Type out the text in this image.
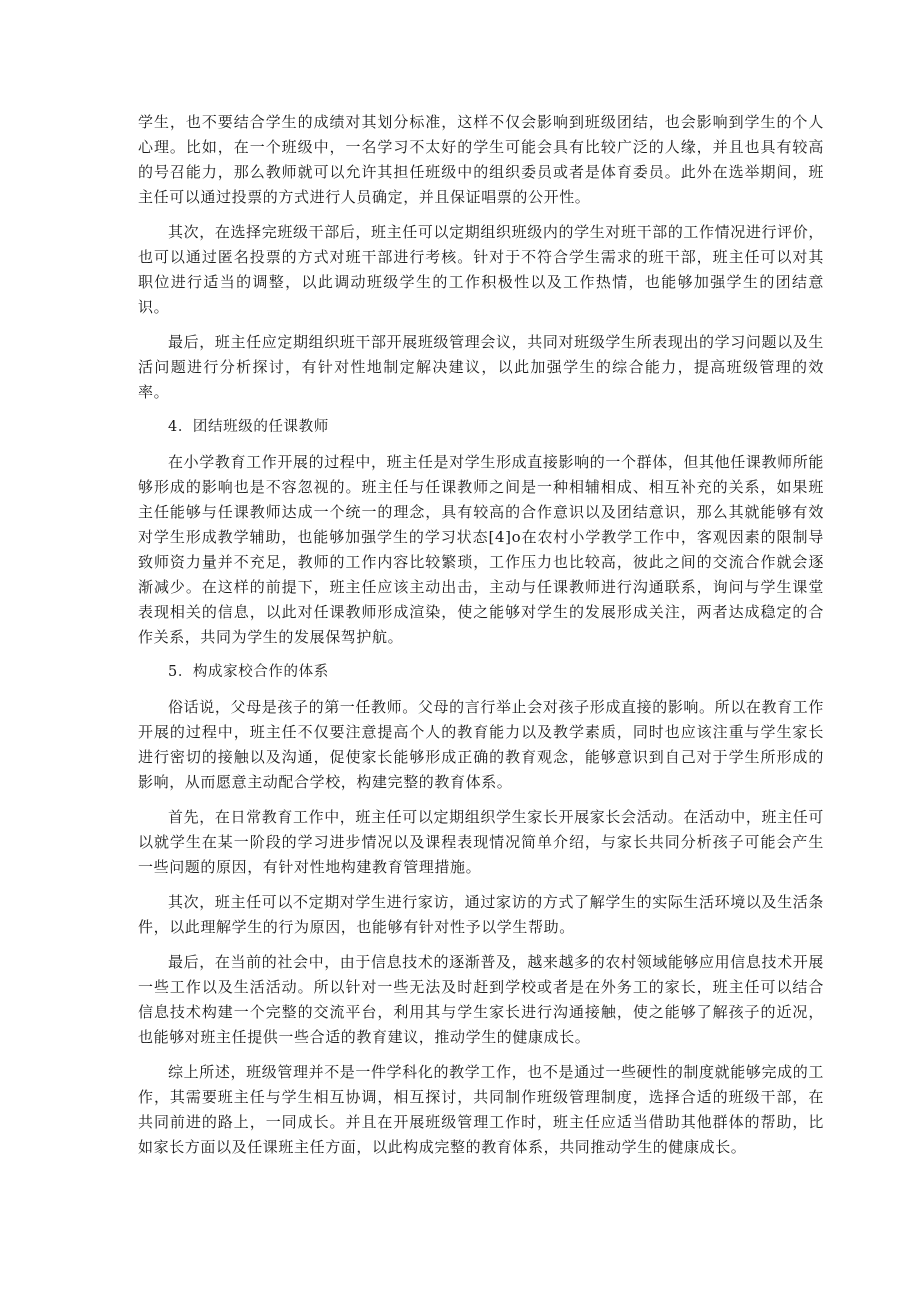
学生，也不要结合学生的成绩对其划分标准，这样不仅会影响到班级团结，也会影响到学生的个人心理。比如，在一个班级中，一名学习不太好的学生可能会具有比较广泛的人缘，并且也具有较高的号召能力，那么教师就可以允许其担任班级中的组织委员或者是体育委员。此外在选举期间，班主任可以通过投票的方式进行人员确定，并且保证唱票的公开性。

其次，在选择完班级干部后，班主任可以定期组织班级内的学生对班干部的工作情况进行评价，也可以通过匿名投票的方式对班干部进行考核。针对于不符合学生需求的班干部，班主任可以对其职位进行适当的调整，以此调动班级学生的工作积极性以及工作热情，也能够加强学生的团结意识。

最后，班主任应定期组织班干部开展班级管理会议，共同对班级学生所表现出的学习问题以及生活问题进行分析探讨，有针对性地制定解决建议，以此加强学生的综合能力，提高班级管理的效率。

4．团结班级的任课教师

在小学教育工作开展的过程中，班主任是对学生形成直接影响的一个群体，但其他任课教师所能够形成的影响也是不容忽视的。班主任与任课教师之间是一种相辅相成、相互补充的关系，如果班主任能够与任课教师达成一个统一的理念，具有较高的合作意识以及团结意识，那么其就能够有效对学生形成教学辅助，也能够加强学生的学习状态[4]o在农村小学教学工作中，客观因素的限制导致师资力量并不充足，教师的工作内容比较繁琐，工作压力也比较高，彼此之间的交流合作就会逐渐减少。在这样的前提下，班主任应该主动出击，主动与任课教师进行沟通联系，询问与学生课堂表现相关的信息，以此对任课教师形成渲染，使之能够对学生的发展形成关注，两者达成稳定的合作关系，共同为学生的发展保驾护航。

5．构成家校合作的体系

俗话说，父母是孩子的第一任教师。父母的言行举止会对孩子形成直接的影响。所以在教育工作开展的过程中，班主任不仅要注意提高个人的教育能力以及教学素质，同时也应该注重与学生家长进行密切的接触以及沟通，促使家长能够形成正确的教育观念，能够意识到自己对于学生所形成的影响，从而愿意主动配合学校，构建完整的教育体系。

首先，在日常教育工作中，班主任可以定期组织学生家长开展家长会活动。在活动中，班主任可以就学生在某一阶段的学习进步情况以及课程表现情况简单介绍，与家长共同分析孩子可能会产生一些问题的原因，有针对性地构建教育管理措施。

其次，班主任可以不定期对学生进行家访，通过家访的方式了解学生的实际生活环境以及生活条件，以此理解学生的行为原因，也能够有针对性予以学生帮助。

最后，在当前的社会中，由于信息技术的逐渐普及，越来越多的农村领域能够应用信息技术开展一些工作以及生活活动。所以针对一些无法及时赶到学校或者是在外务工的家长，班主任可以结合信息技术构建一个完整的交流平台，利用其与学生家长进行沟通接触，使之能够了解孩子的近况，也能够对班主任提供一些合适的教育建议，推动学生的健康成长。

综上所述，班级管理并不是一件学科化的教学工作，也不是通过一些硬性的制度就能够完成的工作，其需要班主任与学生相互协调，相互探讨，共同制作班级管理制度，选择合适的班级干部，在共同前进的路上，一同成长。并且在开展班级管理工作时，班主任应适当借助其他群体的帮助，比如家长方面以及任课班主任方面，以此构成完整的教育体系，共同推动学生的健康成长。
